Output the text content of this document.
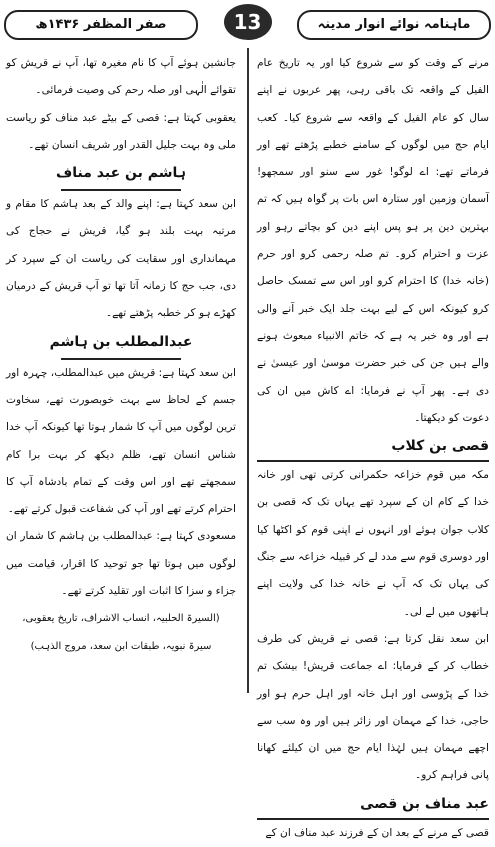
صفر المظفر ۱۴۳۶ھ	13	ماہنامہ نوائے انوار مدینہ

مرنے کے وقت کو سے شروع کیا اور یہ تاریخ عام الفیل کے واقعہ تک باقی رہی، پھر عربوں نے اپنے سال کو عام الفیل کے واقعہ سے شروع کیا۔ کعب ایام حج میں لوگوں کے سامنے خطبے پڑھتے تھے اور فرماتے تھے: اے لوگو! غور سے سنو اور سمجھو! آسمان وزمین اور ستارہ اس بات پر گواہ ہیں کہ تم بہترین دین پر ہو پس اپنے دین کو بچاتے رہو اور عزت و احترام کرو۔ تم صلہ رحمی کرو اور حرم (خانہ خدا) کا احترام کرو اور اس سے تمسک حاصل کرو کیونکہ اس کے لیے بہت جلد ایک خبر آنے والی ہے اور وہ خبر یہ ہے کہ خاتم الانبیاء مبعوث ہونے والے ہیں جن کی خبر حضرت موسیٰ اور عیسیٰ نے دی ہے۔ پھر آپ نے فرمایا: اے کاش میں ان کی دعوت کو دیکھتا۔

قصی بن کلاب

مکہ میں قوم خزاعہ حکمرانی کرتی تھی اور خانہ خدا کے کام ان کے سپرد تھے یہاں تک کہ قصی بن کلاب جوان ہوئے اور انہوں نے اپنی قوم کو اکٹھا کیا اور دوسری قوم سے مدد لے کر قبیلہ خزاعہ سے جنگ کی یہاں تک کہ آپ نے خانہ خدا کی ولایت اپنے ہاتھوں میں لے لی۔

ابن سعد نقل کرتا ہے: قصی نے قریش کی طرف خطاب کر کے فرمایا: اے جماعت قریش! بیشک تم خدا کے پڑوسی اور اہل خانہ اور اہل حرم ہو اور حاجی، خدا کے مہمان اور زائر ہیں اور وہ سب سے اچھے مہمان ہیں لہٰذا ایام حج میں ان کیلئے کھانا پانی فراہم کرو۔

عبد مناف بن قصی

قصی کے مرنے کے بعد ان کے فرزند عبد مناف ان کے

جانشین ہوئے آپ کا نام مغیرہ تھا، آپ نے قریش کو تقوائے الٰہی اور صلہ رحم کی وصیت فرمائی۔

یعقوبی کہتا ہے: قصی کے بیٹے عبد مناف کو ریاست ملی وہ بہت جلیل القدر اور شریف انسان تھے۔

ہاشم بن عبد مناف

ابن سعد کہتا ہے: اپنے والد کے بعد ہاشم کا مقام و مرتبہ بہت بلند ہو گیا، قریش نے حجاج کی مہمانداری اور سقایت کی ریاست ان کے سپرد کر دی، جب حج کا زمانہ آتا تھا تو آپ قریش کے درمیان کھڑے ہو کر خطبہ پڑھتے تھے۔

عبدالمطلب بن ہاشم

ابن سعد کہتا ہے: قریش میں عبدالمطلب، چہرہ اور جسم کے لحاظ سے بہت خوبصورت تھے، سخاوت ترین لوگوں میں آپ کا شمار ہوتا تھا کیونکہ آپ خدا شناس انسان تھے، ظلم دیکھ کر بہت برا کام سمجھتے تھے اور اس وقت کے تمام بادشاہ آپ کا احترام کرتے تھے اور آپ کی شفاعت قبول کرتے تھے۔

مسعودی کہتا ہے: عبدالمطلب بن ہاشم کا شمار ان لوگوں میں ہوتا تھا جو توحید کا اقرار، قیامت میں جزاء و سزا کا اثبات اور تقلید کرتے تھے۔

(السیرۃ الحلبیہ، انساب الاشراف، تاریخ یعقوبی،

سیرۃ نبویہ، طبقات ابن سعد، مروج الذہب)
